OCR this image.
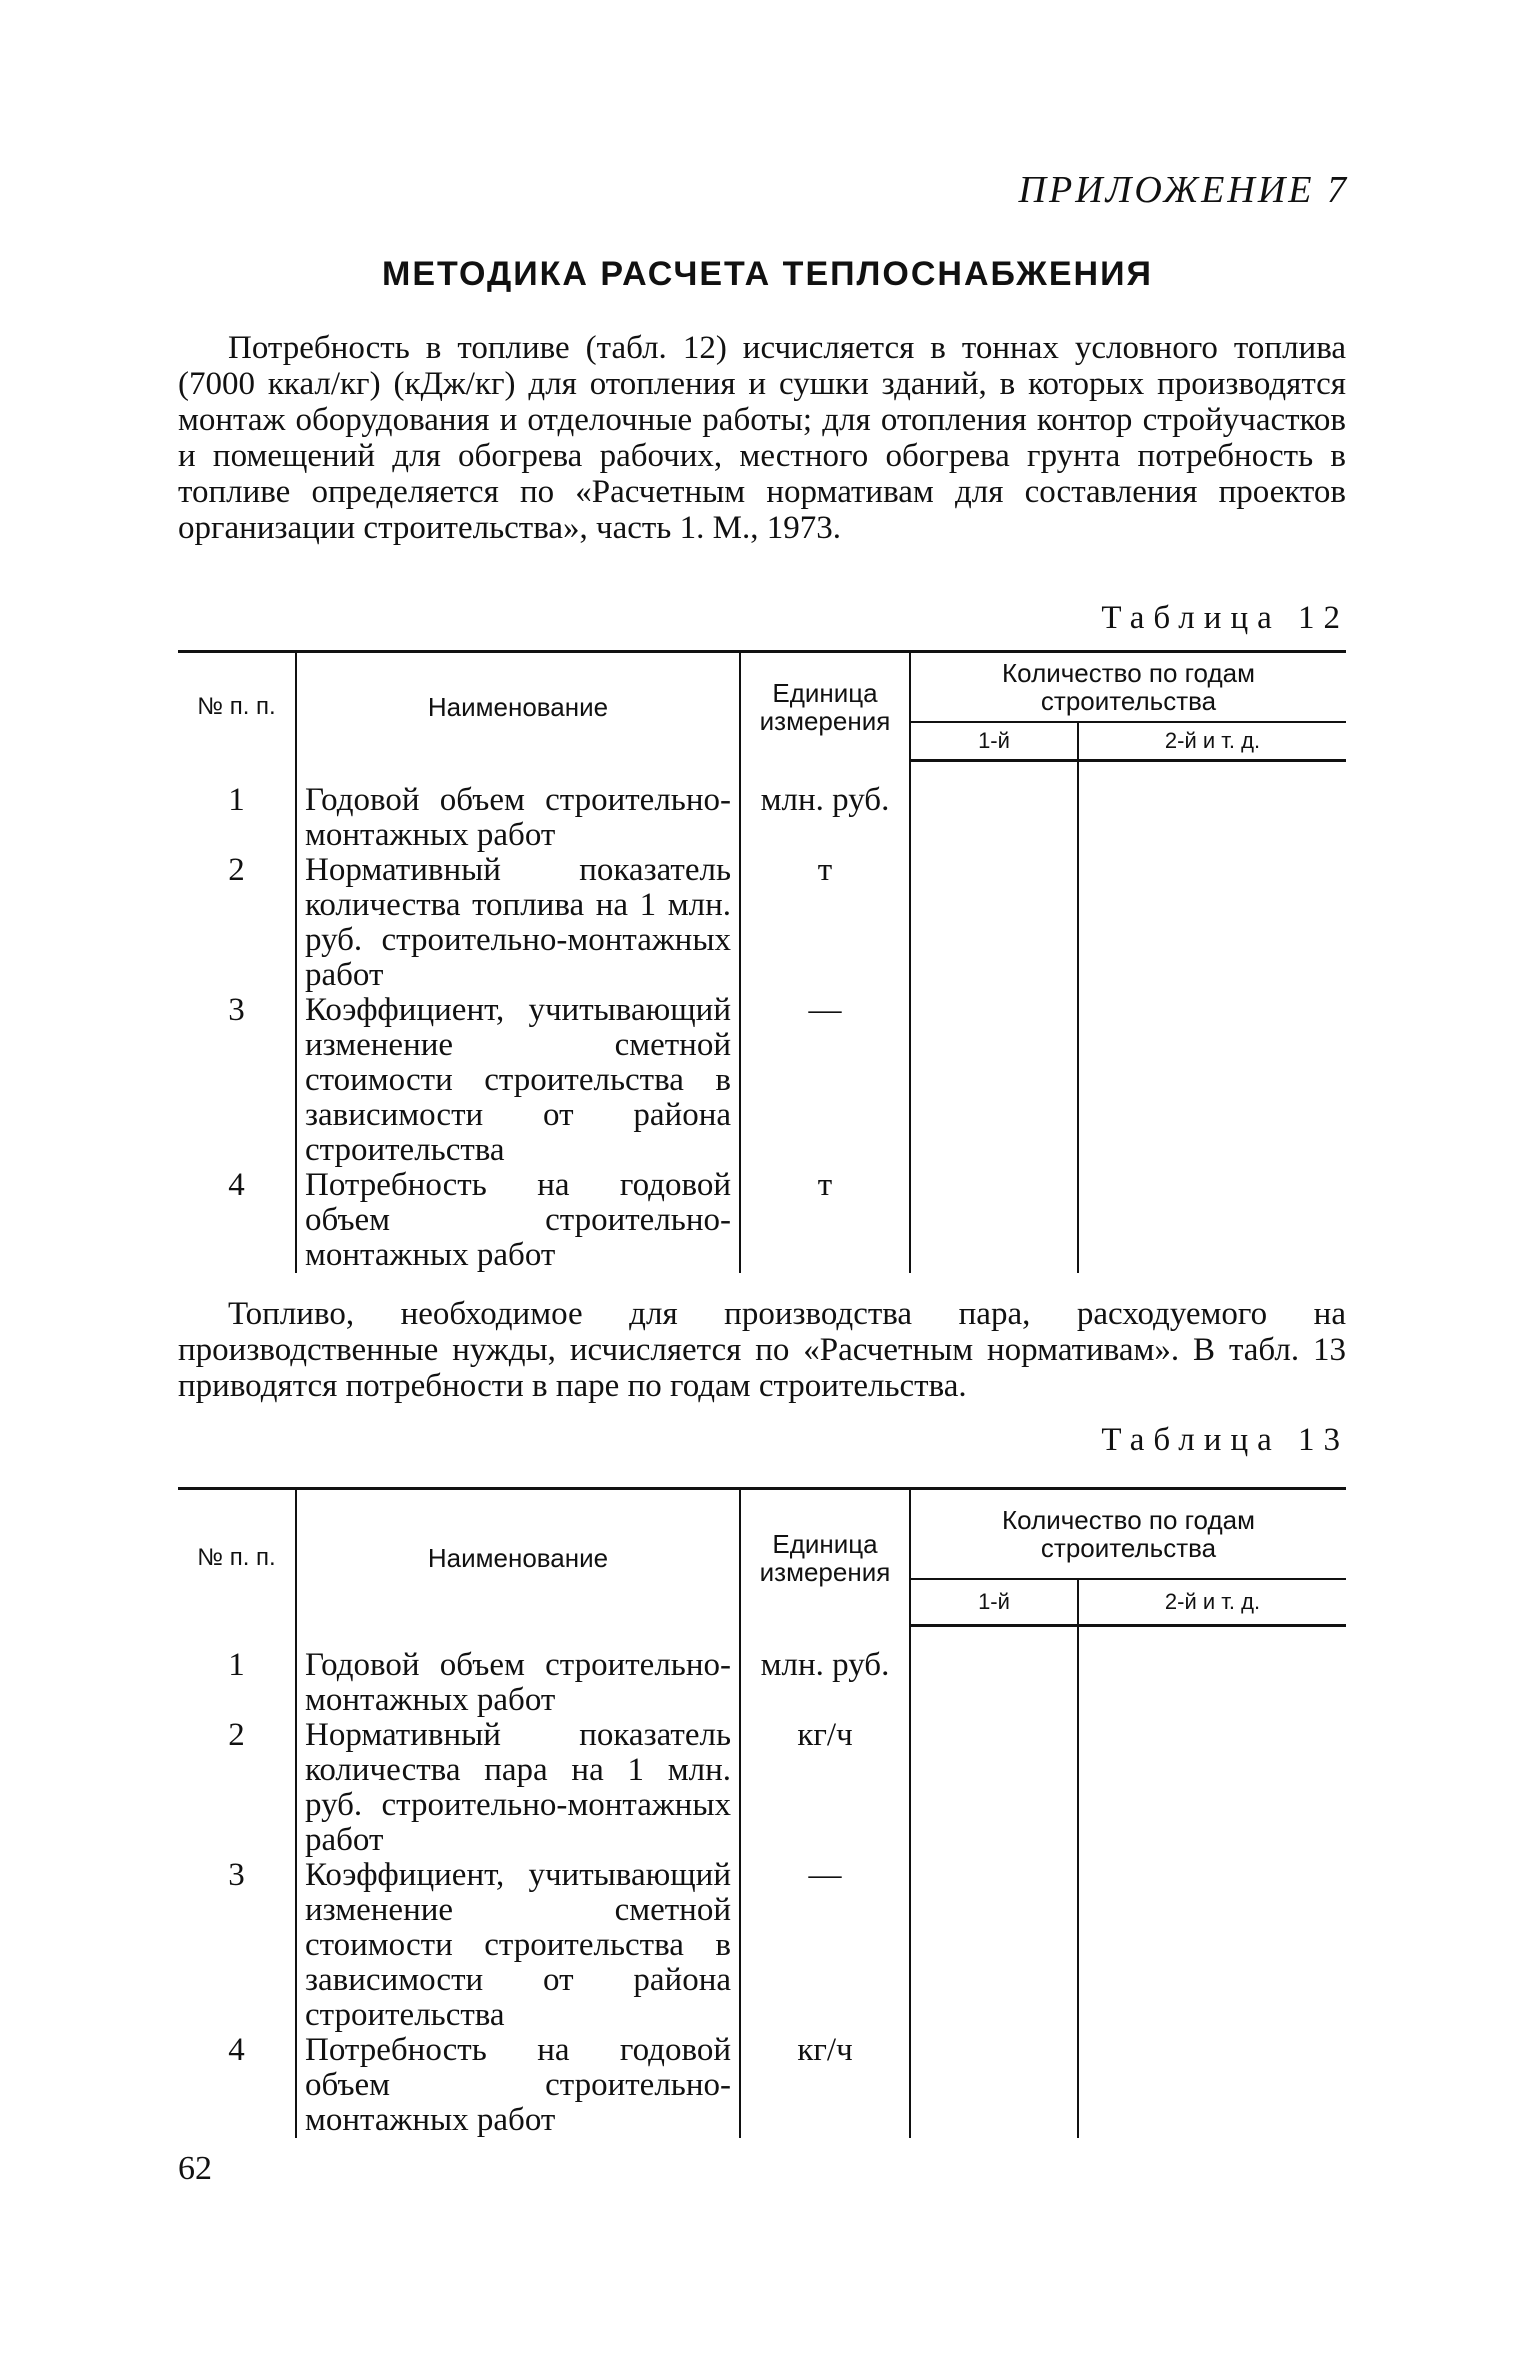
ПРИЛОЖЕНИЕ 7
МЕТОДИКА РАСЧЕТА ТЕПЛОСНАБЖЕНИЯ
Потребность в топливе (табл. 12) исчисляется в тоннах условного топлива (7000 ккал/кг) (кДж/кг) для отопления и сушки зданий, в которых производятся монтаж оборудования и отделочные работы; для отопления контор стройучастков и помещений для обогрева рабочих, местного обогрева грунта потребность в топливе определяется по «Расчетным нормативам для составления проектов организации строительства», часть 1. М., 1973.
Таблица 12
№ п. п.	Наименование	Единица измерения	Количество по годам строительства	
			1-й	2-й и т. д.
1	Годовой объем строительно-монтажных работ	млн. руб.		
2	Нормативный показатель количества топлива на 1 млн. руб. строительно-монтажных работ	т		
3	Коэффициент, учитывающий изменение сметной стоимости строительства в зависимости от района строительства	—		
4	Потребность на годовой объем строительно-монтажных работ	т		
Топливо, необходимое для производства пара, расходуемого на производственные нужды, исчисляется по «Расчетным нормативам». В табл. 13 приводятся потребности в паре по годам строительства.
Таблица 13
№ п. п.	Наименование	Единица измерения	Количество по годам строительства	
			1-й	2-й и т. д.
1	Годовой объем строительно-монтажных работ	млн. руб.		
2	Нормативный показатель количества пара на 1 млн. руб. строительно-монтажных работ	кг/ч		
3	Коэффициент, учитывающий изменение сметной стоимости строительства в зависимости от района строительства	—		
4	Потребность на годовой объем строительно-монтажных работ	кг/ч		
62
